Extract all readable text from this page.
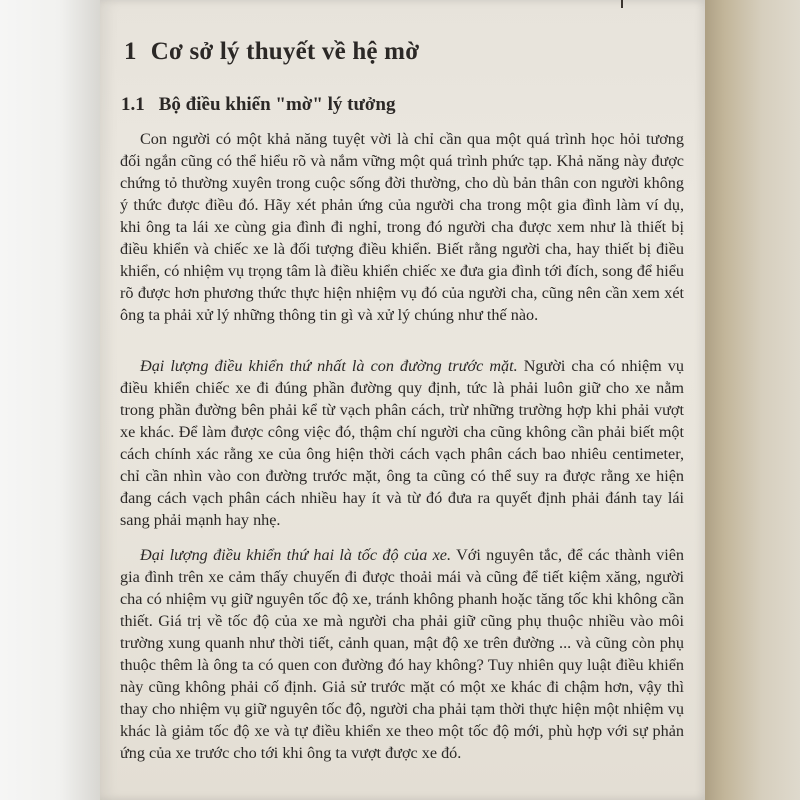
1 Cơ sở lý thuyết về hệ mờ
1.1 Bộ điều khiển "mờ" lý tưởng

Con người có một khả năng tuyệt vời là chỉ cần qua một quá trình học hỏi tương đối ngắn cũng có thể hiểu rõ và nắm vững một quá trình phức tạp. Khả năng này được chứng tỏ thường xuyên trong cuộc sống đời thường, cho dù bản thân con người không ý thức được điều đó. Hãy xét phản ứng của người cha trong một gia đình làm ví dụ, khi ông ta lái xe cùng gia đình đi nghỉ, trong đó người cha được xem như là thiết bị điều khiển và chiếc xe là đối tượng điều khiển. Biết rằng người cha, hay thiết bị điều khiển, có nhiệm vụ trọng tâm là điều khiển chiếc xe đưa gia đình tới đích, song để hiểu rõ được hơn phương thức thực hiện nhiệm vụ đó của người cha, cũng nên cần xem xét ông ta phải xử lý những thông tin gì và xử lý chúng như thế nào.

Đại lượng điều khiển thứ nhất là con đường trước mặt. Người cha có nhiệm vụ điều khiển chiếc xe đi đúng phần đường quy định, tức là phải luôn giữ cho xe nằm trong phần đường bên phải kể từ vạch phân cách, trừ những trường hợp khi phải vượt xe khác. Để làm được công việc đó, thậm chí người cha cũng không cần phải biết một cách chính xác rằng xe của ông hiện thời cách vạch phân cách bao nhiêu centimeter, chỉ cần nhìn vào con đường trước mặt, ông ta cũng có thể suy ra được rằng xe hiện đang cách vạch phân cách nhiều hay ít và từ đó đưa ra quyết định phải đánh tay lái sang phải mạnh hay nhẹ.

Đại lượng điều khiển thứ hai là tốc độ của xe. Với nguyên tắc, để các thành viên gia đình trên xe cảm thấy chuyến đi được thoải mái và cũng để tiết kiệm xăng, người cha có nhiệm vụ giữ nguyên tốc độ xe, tránh không phanh hoặc tăng tốc khi không cần thiết. Giá trị về tốc độ của xe mà người cha phải giữ cũng phụ thuộc nhiều vào môi trường xung quanh như thời tiết, cảnh quan, mật độ xe trên đường ... và cũng còn phụ thuộc thêm là ông ta có quen con đường đó hay không? Tuy nhiên quy luật điều khiển này cũng không phải cố định. Giả sử trước mặt có một xe khác đi chậm hơn, vậy thì thay cho nhiệm vụ giữ nguyên tốc độ, người cha phải tạm thời thực hiện một nhiệm vụ khác là giảm tốc độ xe và tự điều khiển xe theo một tốc độ mới, phù hợp với sự phản ứng của xe trước cho tới khi ông ta vượt được xe đó.
